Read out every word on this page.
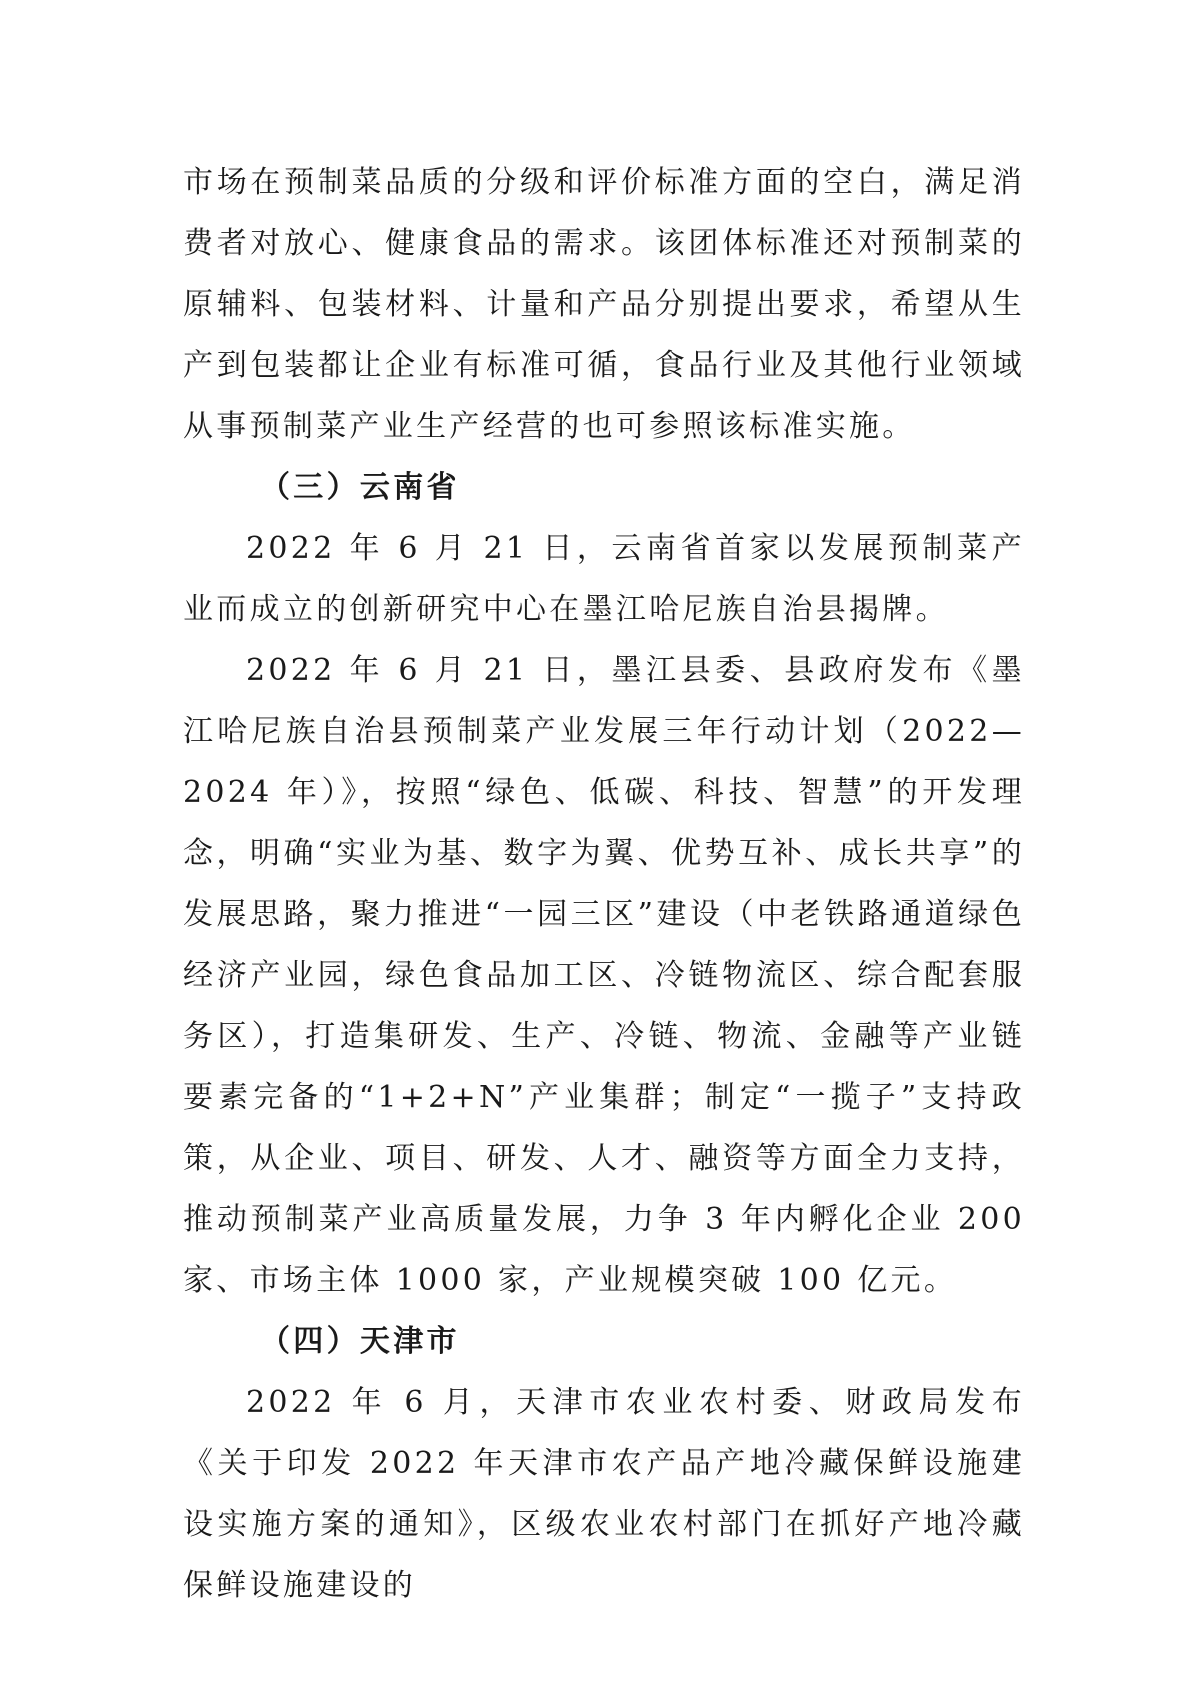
市场在预制菜品质的分级和评价标准方面的空白，满足消费者对放心、健康食品的需求。该团体标准还对预制菜的原辅料、包装材料、计量和产品分别提出要求，希望从生产到包装都让企业有标准可循，食品行业及其他行业领域从事预制菜产业生产经营的也可参照该标准实施。

（三）云南省

2022 年 6 月 21 日，云南省首家以发展预制菜产业而成立的创新研究中心在墨江哈尼族自治县揭牌。

2022 年 6 月 21 日，墨江县委、县政府发布《墨江哈尼族自治县预制菜产业发展三年行动计划（2022—2024 年）》，按照“绿色、低碳、科技、智慧”的开发理念，明确“实业为基、数字为翼、优势互补、成长共享”的发展思路，聚力推进“一园三区”建设（中老铁路通道绿色经济产业园，绿色食品加工区、冷链物流区、综合配套服务区），打造集研发、生产、冷链、物流、金融等产业链要素完备的“1+2+N”产业集群；制定“一揽子”支持政策，从企业、项目、研发、人才、融资等方面全力支持，推动预制菜产业高质量发展，力争 3 年内孵化企业 200 家、市场主体 1000 家，产业规模突破 100 亿元。

（四）天津市

2022 年 6 月，天津市农业农村委、财政局发布《关于印发 2022 年天津市农产品产地冷藏保鲜设施建设实施方案的通知》，区级农业农村部门在抓好产地冷藏保鲜设施建设的
